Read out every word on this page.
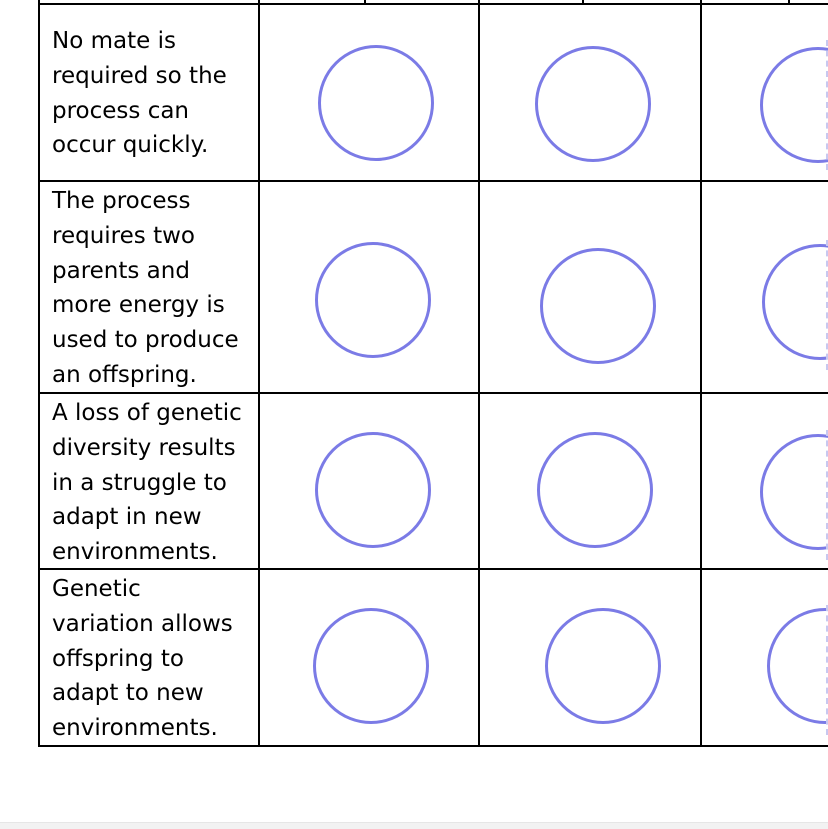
No mate is
required so the
process can
occur quickly.
The process
requires two
parents and
more energy is
used to produce
an offspring.
A loss of genetic
diversity results
in a struggle to
adapt in new
environments.
Genetic
variation allows
offspring to
adapt to new
environments.
